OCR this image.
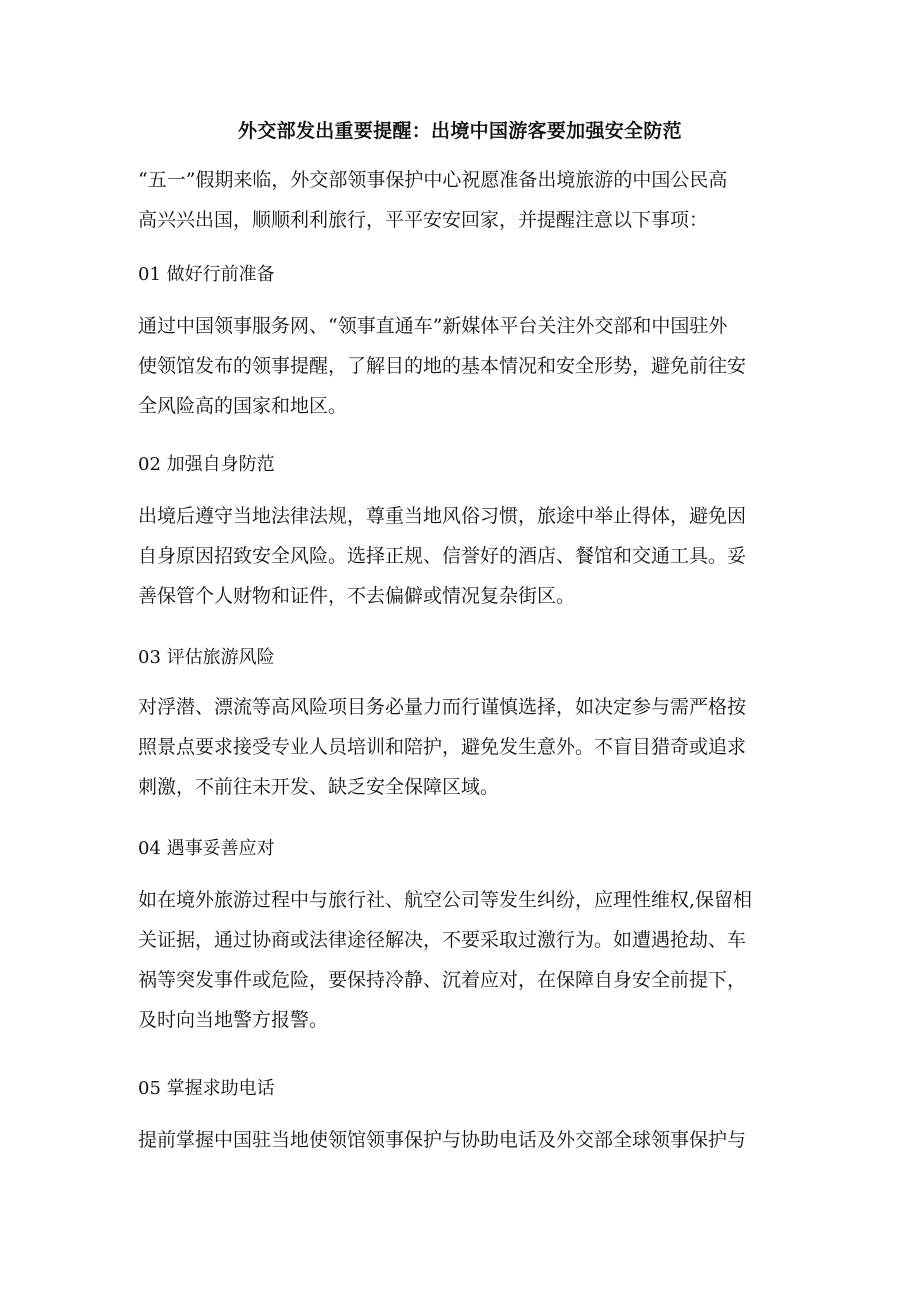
外交部发出重要提醒：出境中国游客要加强安全防范
“五一”假期来临，外交部领事保护中心祝愿准备出境旅游的中国公民高
高兴兴出国，顺顺利利旅行，平平安安回家，并提醒注意以下事项：
01 做好行前准备
通过中国领事服务网、“领事直通车”新媒体平台关注外交部和中国驻外
使领馆发布的领事提醒，了解目的地的基本情况和安全形势，避免前往安
全风险高的国家和地区。
02 加强自身防范
出境后遵守当地法律法规，尊重当地风俗习惯，旅途中举止得体，避免因
自身原因招致安全风险。选择正规、信誉好的酒店、餐馆和交通工具。妥
善保管个人财物和证件，不去偏僻或情况复杂街区。
03 评估旅游风险
对浮潜、漂流等高风险项目务必量力而行谨慎选择，如决定参与需严格按
照景点要求接受专业人员培训和陪护，避免发生意外。不盲目猎奇或追求
刺激，不前往未开发、缺乏安全保障区域。
04 遇事妥善应对
如在境外旅游过程中与旅行社、航空公司等发生纠纷，应理性维权,保留相
关证据，通过协商或法律途径解决，不要采取过激行为。如遭遇抢劫、车
祸等突发事件或危险，要保持冷静、沉着应对，在保障自身安全前提下，
及时向当地警方报警。
05 掌握求助电话
提前掌握中国驻当地使领馆领事保护与协助电话及外交部全球领事保护与
